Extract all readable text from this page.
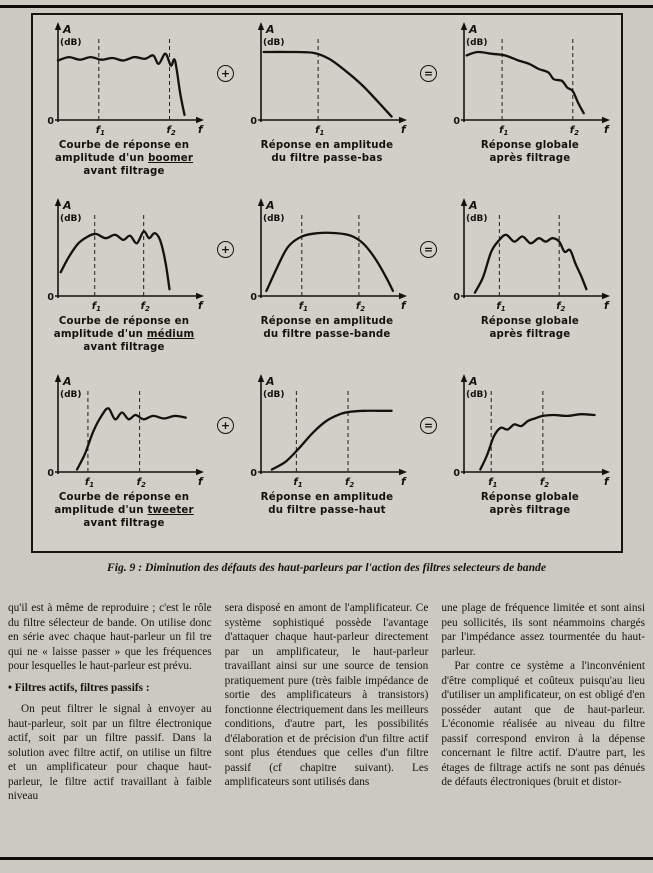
A
(dB)
0
f
$f_1$	$f_2$
Courbe de réponse en
amplitude d'un boomer
avant filtrage
+
A
(dB)
0
f
$f_1$
Réponse en amplitude
du filtre passe-bas
=
A
(dB)
0
f
$f_1$	$f_2$
Réponse globale
après filtrage
A
(dB)
0
f
$f_1$	$f_2$
Courbe de réponse en
amplitude d'un médium
avant filtrage
+
A
(dB)
0
f
$f_1$	$f_2$
Réponse en amplitude
du filtre passe-bande
=
A
(dB)
0
f
$f_1$	$f_2$
Réponse globale
après filtrage
A
(dB)
0
f
$f_1$	$f_2$
Courbe de réponse en
amplitude d'un tweeter
avant filtrage
+
A
(dB)
0
f
$f_1$	$f_2$
Réponse en amplitude
du filtre passe-haut
=
A
(dB)
0
f
$f_1$	$f_2$
Réponse globale
après filtrage
Fig. 9 : Diminution des défauts des haut-parleurs par l'action des filtres selecteurs de bande

qu'il est à même de reproduire ; c'est le rôle du filtre sélecteur de bande. On utilise donc en série avec chaque haut-parleur un fil tre qui ne « laisse passer » que les fréquences pour lesquelles le haut-parleur est prévu.

• Filtres actifs, filtres passifs :

On peut filtrer le signal à envoyer au haut-parleur, soit par un filtre électronique actif, soit par un filtre passif. Dans la solution avec filtre actif, on utilise un filtre et un amplificateur pour chaque haut-parleur, le filtre actif travaillant à faible niveau

sera disposé en amont de l'amplificateur. Ce système sophistiqué possède l'avantage d'attaquer chaque haut-parleur directement par un amplificateur, le haut-parleur travaillant ainsi sur une source de tension pratiquement pure (très faible impédance de sortie des amplificateurs à transistors) fonctionne électriquement dans les meilleurs conditions, d'autre part, les possibilités d'élaboration et de précision d'un filtre actif sont plus étendues que celles d'un filtre passif (cf chapitre suivant). Les amplificateurs sont utilisés dans

une plage de fréquence limitée et sont ainsi peu sollicités, ils sont néammoins chargés par l'impédance assez tourmentée du haut-parleur.

Par contre ce système a l'inconvénient d'être compliqué et coûteux puisqu'au lieu d'utiliser un amplificateur, on est obligé d'en posséder autant que de haut-parleur. L'économie réalisée au niveau du filtre passif correspond environ à la dépense concernant le filtre actif. D'autre part, les étages de filtrage actifs ne sont pas dénués de défauts électroniques (bruit et distor-
